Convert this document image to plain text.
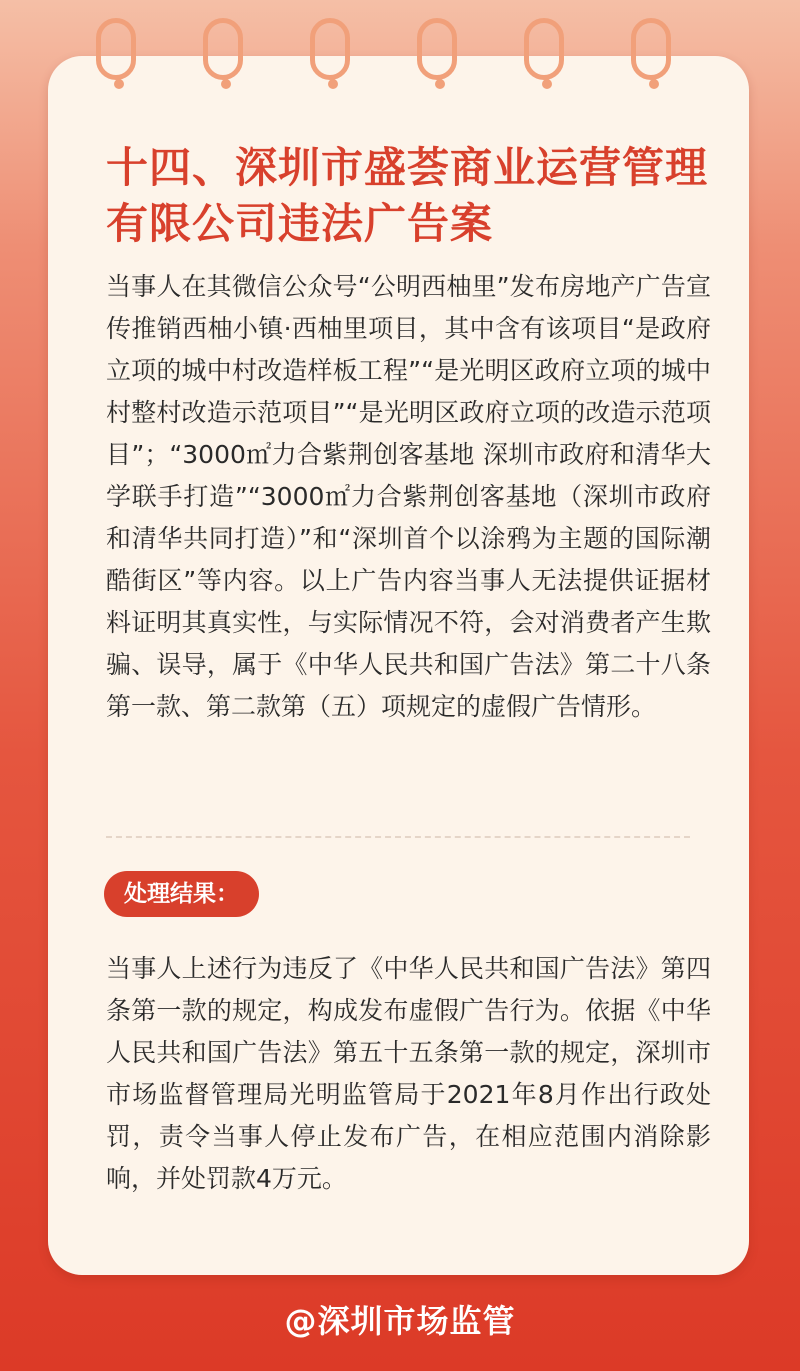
十四、深圳市盛荟商业运营管理有限公司违法广告案

当事人在其微信公众号“公明西柚里”发布房地产广告宣传推销西柚小镇·西柚里项目，其中含有该项目“是政府立项的城中村改造样板工程”“是光明区政府立项的城中村整村改造示范项目”“是光明区政府立项的改造示范项目”；“3000㎡力合紫荆创客基地 深圳市政府和清华大学联手打造”“3000㎡力合紫荆创客基地（深圳市政府和清华共同打造）”和“深圳首个以涂鸦为主题的国际潮酷街区”等内容。以上广告内容当事人无法提供证据材料证明其真实性，与实际情况不符，会对消费者产生欺骗、误导，属于《中华人民共和国广告法》第二十八条第一款、第二款第（五）项规定的虚假广告情形。

处理结果：

当事人上述行为违反了《中华人民共和国广告法》第四条第一款的规定，构成发布虚假广告行为。依据《中华人民共和国广告法》第五十五条第一款的规定，深圳市市场监督管理局光明监管局于2021年8月作出行政处罚，责令当事人停止发布广告，在相应范围内消除影响，并处罚款4万元。

@深圳市场监管
